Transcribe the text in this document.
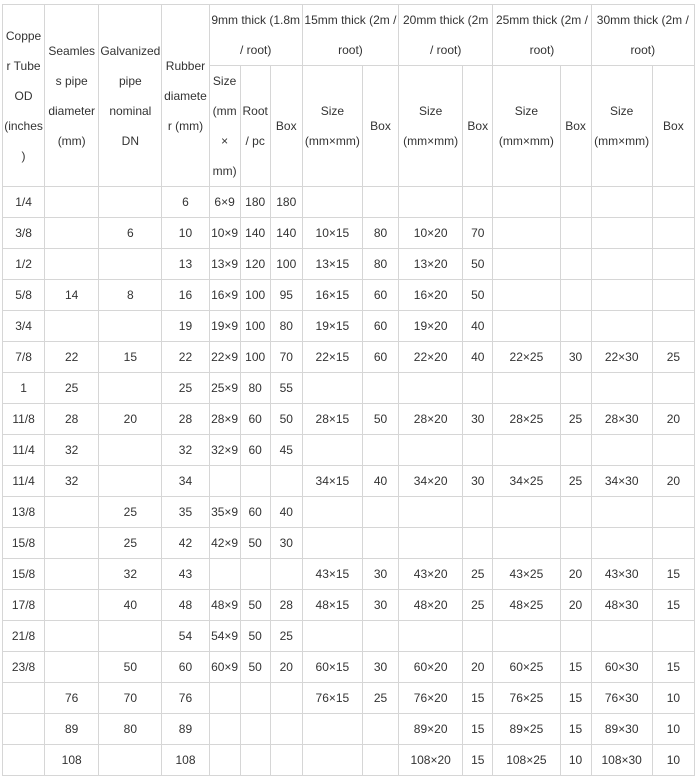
Copper Tube OD (inches)	Seamless pipe diameter (mm)	Galvanized pipe nominal DN	Rubber diameter (mm)	9mm thick (1.8m / root)			15mm thick (2m / root)		20mm thick (2m / root)		25mm thick (2m / root)		30mm thick (2m / root)	
				Size (mm × mm)	Root / pc	Box	Size (mm×mm)	Box	Size (mm×mm)	Box	Size (mm×mm)	Box	Size (mm×mm)	Box
1/4			6	6×9	180	180								
3/8		6	10	10×9	140	140	10×15	80	10×20	70				
1/2			13	13×9	120	100	13×15	80	13×20	50				
5/8	14	8	16	16×9	100	95	16×15	60	16×20	50				
3/4			19	19×9	100	80	19×15	60	19×20	40				
7/8	22	15	22	22×9	100	70	22×15	60	22×20	40	22×25	30	22×30	25
1	25		25	25×9	80	55								
11/8	28	20	28	28×9	60	50	28×15	50	28×20	30	28×25	25	28×30	20
11/4	32		32	32×9	60	45								
11/4	32		34				34×15	40	34×20	30	34×25	25	34×30	20
13/8		25	35	35×9	60	40								
15/8		25	42	42×9	50	30								
15/8		32	43				43×15	30	43×20	25	43×25	20	43×30	15
17/8		40	48	48×9	50	28	48×15	30	48×20	25	48×25	20	48×30	15
21/8			54	54×9	50	25								
23/8		50	60	60×9	50	20	60×15	30	60×20	20	60×25	15	60×30	15
	76	70	76				76×15	25	76×20	15	76×25	15	76×30	10
	89	80	89						89×20	15	89×25	15	89×30	10
	108		108						108×20	15	108×25	10	108×30	10
